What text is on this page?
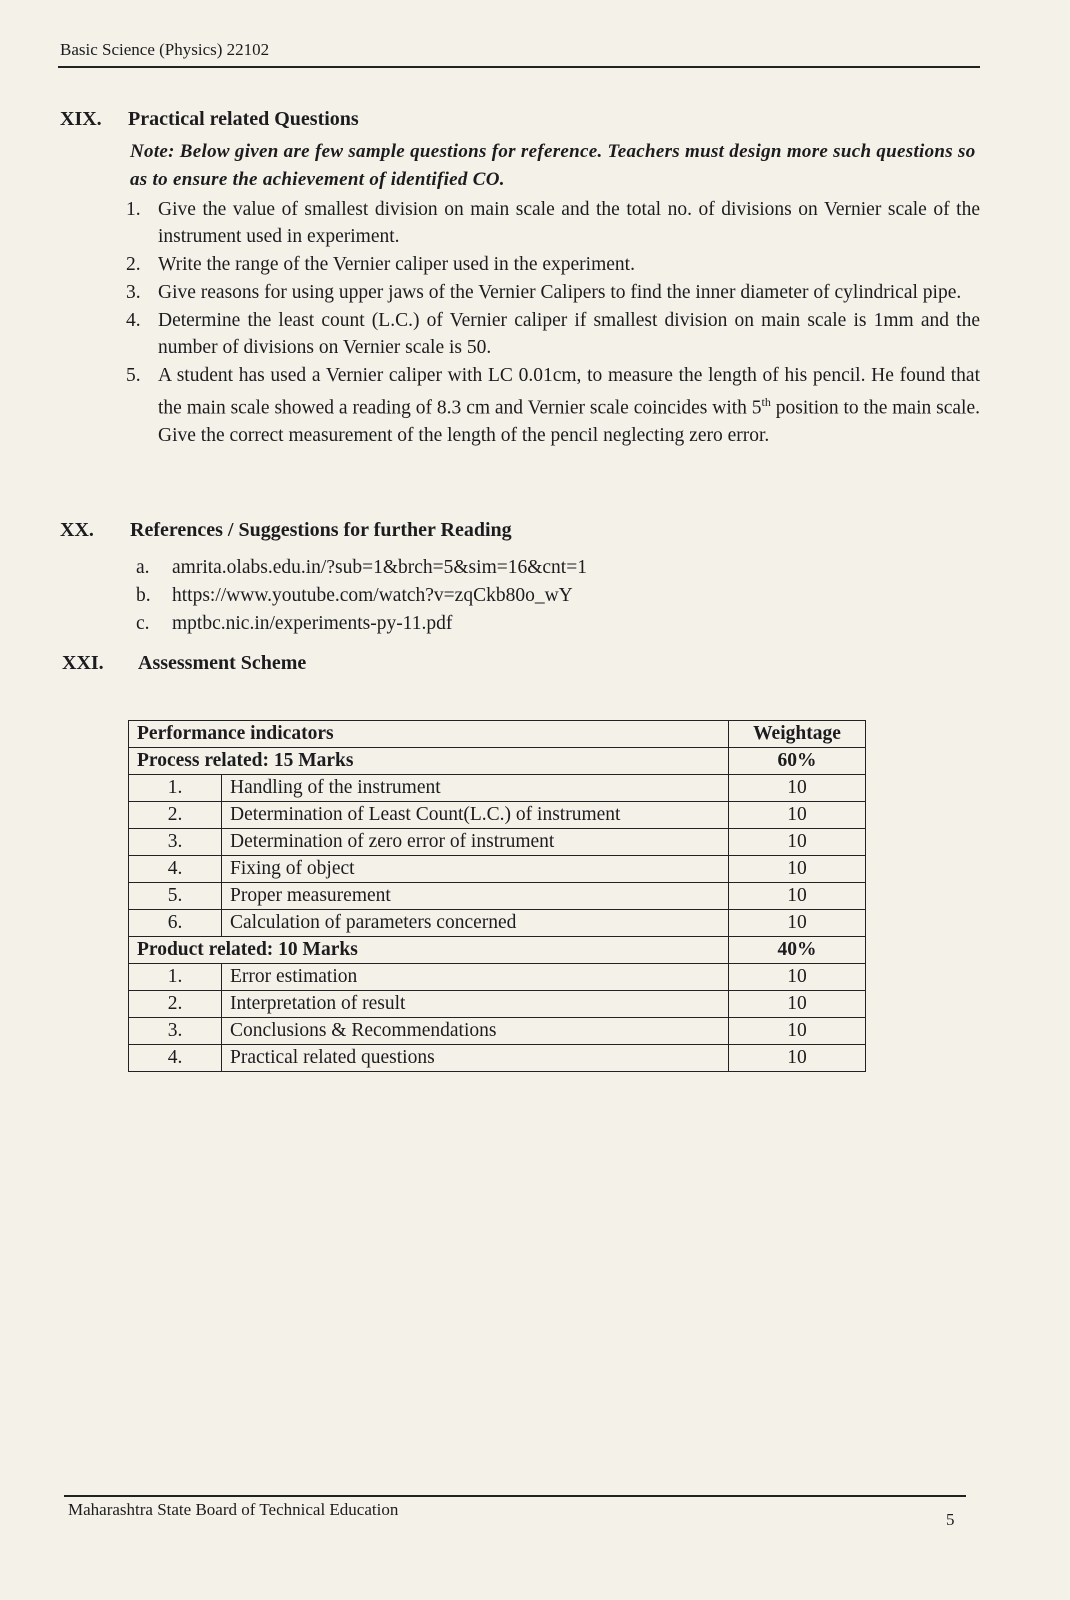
Basic Science (Physics) 22102
XIX. Practical related Questions
Note: Below given are few sample questions for reference. Teachers must design more such questions so as to ensure the achievement of identified CO.
1. Give the value of smallest division on main scale and the total no. of divisions on Vernier scale of the instrument used in experiment.
2. Write the range of the Vernier caliper used in the experiment.
3. Give reasons for using upper jaws of the Vernier Calipers to find the inner diameter of cylindrical pipe.
4. Determine the least count (L.C.) of Vernier caliper if smallest division on main scale is 1mm and the number of divisions on Vernier scale is 50.
5. A student has used a Vernier caliper with LC 0.01cm, to measure the length of his pencil. He found that the main scale showed a reading of 8.3 cm and Vernier scale coincides with 5th position to the main scale. Give the correct measurement of the length of the pencil neglecting zero error.
XX. References / Suggestions for further Reading
a.	amrita.olabs.edu.in/?sub=1&brch=5&sim=16&cnt=1
b.	https://www.youtube.com/watch?v=zqCkb80o_wY
c.	mptbc.nic.in/experiments-py-11.pdf
XXI. Assessment Scheme
Performance indicators		Weightage
Process related: 15 Marks		60%
1.	Handling of the instrument	10
2.	Determination of Least Count(L.C.) of instrument	10
3.	Determination of zero error of instrument	10
4.	Fixing of object	10
5.	Proper measurement	10
6.	Calculation of parameters concerned	10
Product related: 10 Marks		40%
1.	Error estimation	10
2.	Interpretation of result	10
3.	Conclusions & Recommendations	10
4.	Practical related questions	10
Maharashtra State Board of Technical Education
5
